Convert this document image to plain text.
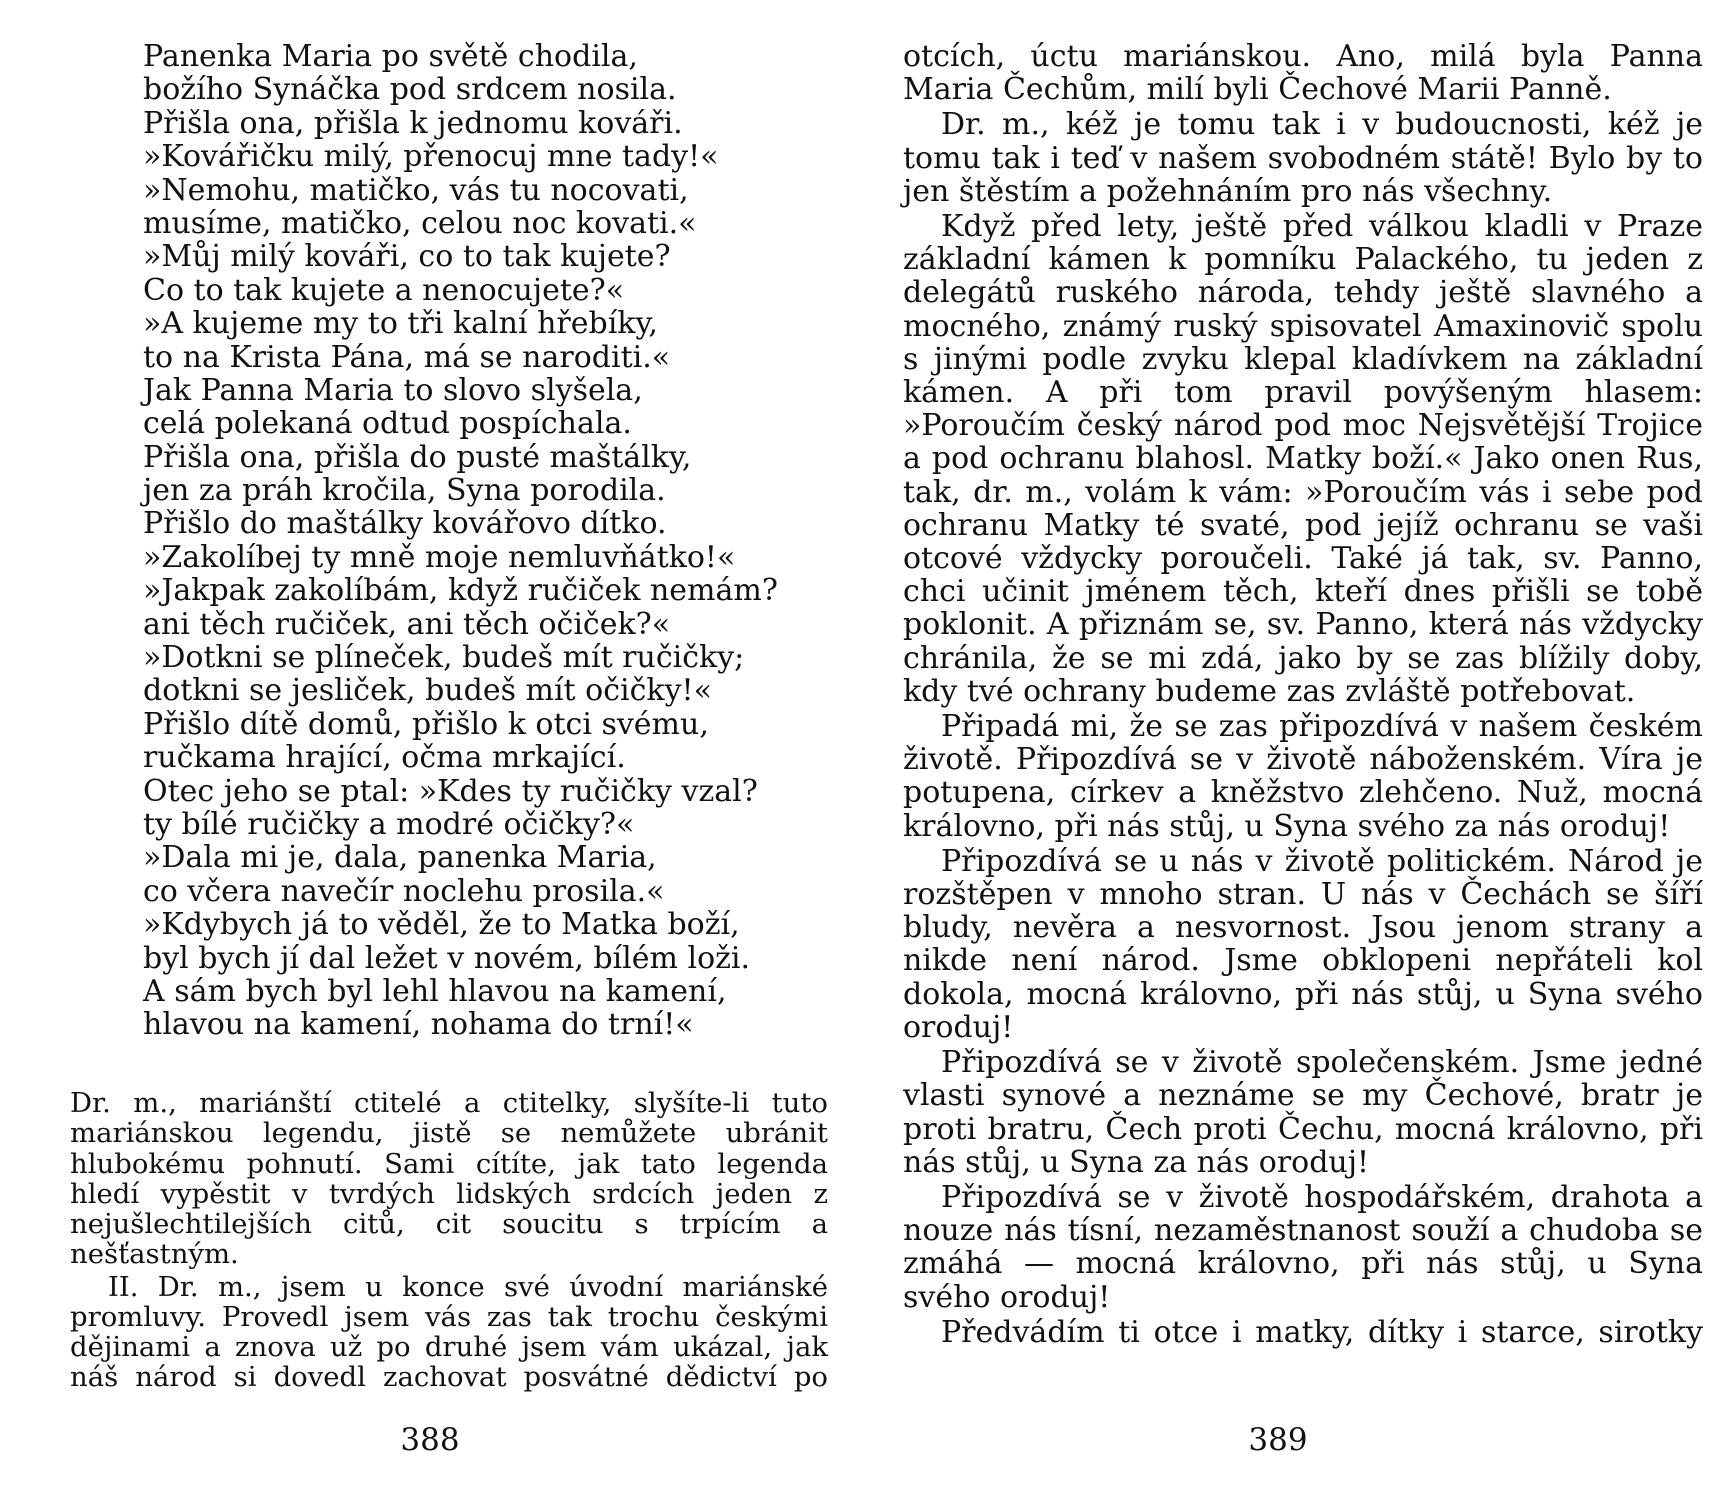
Panenka Maria po světě chodila,
božího Synáčka pod srdcem nosila.
Přišla ona, přišla k jednomu kováři.
»Kovářičku milý, přenocuj mne tady!«
»Nemohu, matičko, vás tu nocovati,
musíme, matičko, celou noc kovati.«
»Můj milý kováři, co to tak kujete?
Co to tak kujete a nenocujete?«
»A kujeme my to tři kalní hřebíky,
to na Krista Pána, má se naroditi.«
Jak Panna Maria to slovo slyšela,
celá polekaná odtud pospíchala.
Přišla ona, přišla do pusté maštálky,
jen za práh kročila, Syna porodila.
Přišlo do maštálky kovářovo dítko.
»Zakolíbej ty mně moje nemluvňátko!«
»Jakpak zakolíbám, když ručiček nemám?
ani těch ručiček, ani těch očiček?«
»Dotkni se plíneček, budeš mít ručičky;
dotkni se jesliček, budeš mít očičky!«
Přišlo dítě domů, přišlo k otci svému,
ručkama hrající, očma mrkající.
Otec jeho se ptal: »Kdes ty ručičky vzal?
ty bílé ručičky a modré očičky?«
»Dala mi je, dala, panenka Maria,
co včera navečír noclehu prosila.«
»Kdybych já to věděl, že to Matka boží,
byl bych jí dal ležet v novém, bílém loži.
A sám bych byl lehl hlavou na kamení,
hlavou na kamení, nohama do trní!«

Dr. m., mariánští ctitelé a ctitelky, slyšíte-li tuto mariánskou legendu, jistě se nemůžete ubránit hlubokému pohnutí. Sami cítíte, jak tato legenda hledí vypěstit v tvrdých lidských srdcích jeden z nejušlechtilejších citů, cit soucitu s trpícím a nešťastným.

II. Dr. m., jsem u konce své úvodní mariánské promluvy. Provedl jsem vás zas tak trochu českými dějinami a znova už po druhé jsem vám ukázal, jak náš národ si dovedl zachovat posvátné dědictví po

388

otcích, úctu mariánskou. Ano, milá byla Panna Maria Čechům, milí byli Čechové Marii Panně.

Dr. m., kéž je tomu tak i v budoucnosti, kéž je tomu tak i teď v našem svobodném státě! Bylo by to jen štěstím a požehnáním pro nás všechny.

Když před lety, ještě před válkou kladli v Praze základní kámen k pomníku Palackého, tu jeden z delegátů ruského národa, tehdy ještě slavného a mocného, známý ruský spisovatel Amaxinovič spolu s jinými podle zvyku klepal kladívkem na základní kámen. A při tom pravil povýšeným hlasem: »Poroučím český národ pod moc Nejsvětější Trojice a pod ochranu blahosl. Matky boží.« Jako onen Rus, tak, dr. m., volám k vám: »Poroučím vás i sebe pod ochranu Matky té svaté, pod jejíž ochranu se vaši otcové vždycky poroučeli. Také já tak, sv. Panno, chci učinit jménem těch, kteří dnes přišli se tobě poklonit. A přiznám se, sv. Panno, která nás vždycky chránila, že se mi zdá, jako by se zas blížily doby, kdy tvé ochrany budeme zas zvláště potřebovat.

Připadá mi, že se zas připozdívá v našem českém životě. Připozdívá se v životě náboženském. Víra je potupena, církev a kněžstvo zlehčeno. Nuž, mocná královno, při nás stůj, u Syna svého za nás oroduj!

Připozdívá se u nás v životě politickém. Národ je rozštěpen v mnoho stran. U nás v Čechách se šíří bludy, nevěra a nesvornost. Jsou jenom strany a nikde není národ. Jsme obklopeni nepřáteli kol dokola, mocná královno, při nás stůj, u Syna svého oroduj!

Připozdívá se v životě společenském. Jsme jedné vlasti synové a neznáme se my Čechové, bratr je proti bratru, Čech proti Čechu, mocná královno, při nás stůj, u Syna za nás oroduj!

Připozdívá se v životě hospodářském, drahota a nouze nás tísní, nezaměstnanost souží a chudoba se zmáhá — mocná královno, při nás stůj, u Syna svého oroduj!

Předvádím ti otce i matky, dítky i starce, sirotky

389
